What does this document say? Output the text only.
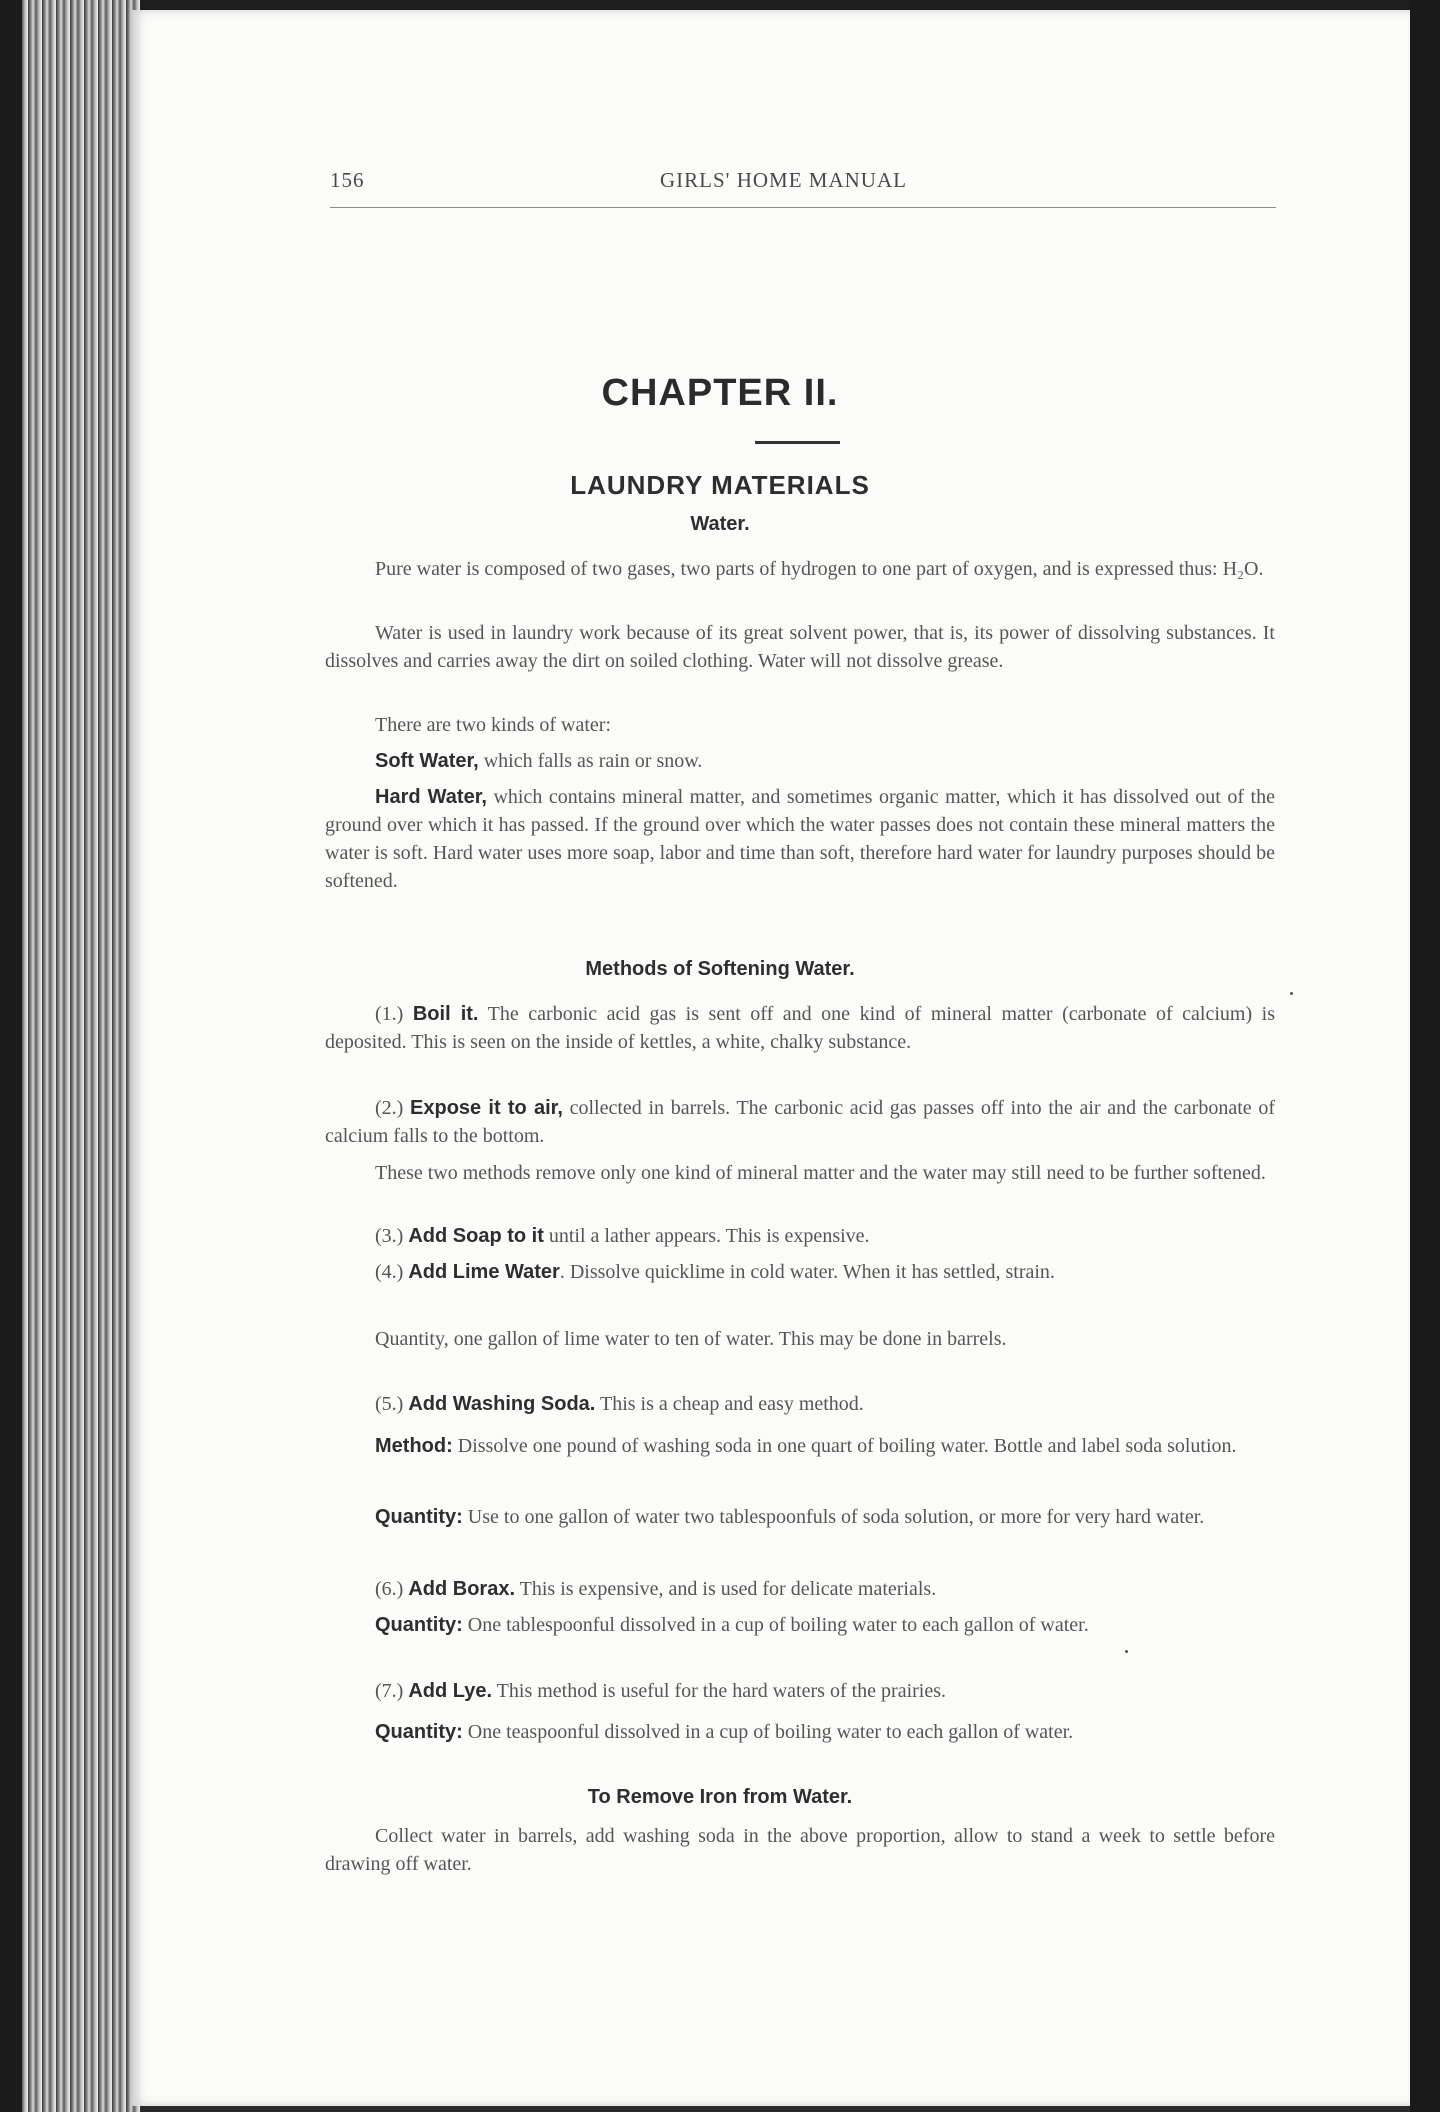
156	GIRLS' HOME MANUAL
CHAPTER II.
LAUNDRY MATERIALS
Water.
Pure water is composed of two gases, two parts of hydrogen to one part of oxygen, and is expressed thus: H₂O.
Water is used in laundry work because of its great solvent power, that is, its power of dissolving substances. It dissolves and carries away the dirt on soiled clothing. Water will not dissolve grease.
There are two kinds of water:
Soft Water, which falls as rain or snow.
Hard Water, which contains mineral matter, and sometimes organic matter, which it has dissolved out of the ground over which it has passed. If the ground over which the water passes does not contain these mineral matters the water is soft. Hard water uses more soap, labor and time than soft, therefore hard water for laundry purposes should be softened.
Methods of Softening Water.
(1.) Boil it. The carbonic acid gas is sent off and one kind of mineral matter (carbonate of calcium) is deposited. This is seen on the inside of kettles, a white, chalky substance.
(2.) Expose it to air, collected in barrels. The carbonic acid gas passes off into the air and the carbonate of calcium falls to the bottom.
These two methods remove only one kind of mineral matter and the water may still need to be further softened.
(3.) Add Soap to it until a lather appears. This is expensive.
(4.) Add Lime Water. Dissolve quicklime in cold water. When it has settled, strain.
Quantity, one gallon of lime water to ten of water. This may be done in barrels.
(5.) Add Washing Soda. This is a cheap and easy method.
Method: Dissolve one pound of washing soda in one quart of boiling water. Bottle and label soda solution.
Quantity: Use to one gallon of water two tablespoonfuls of soda solution, or more for very hard water.
(6.) Add Borax. This is expensive, and is used for delicate materials.
Quantity: One tablespoonful dissolved in a cup of boiling water to each gallon of water.
(7.) Add Lye. This method is useful for the hard waters of the prairies.
Quantity: One teaspoonful dissolved in a cup of boiling water to each gallon of water.
To Remove Iron from Water.
Collect water in barrels, add washing soda in the above proportion, allow to stand a week to settle before drawing off water.
